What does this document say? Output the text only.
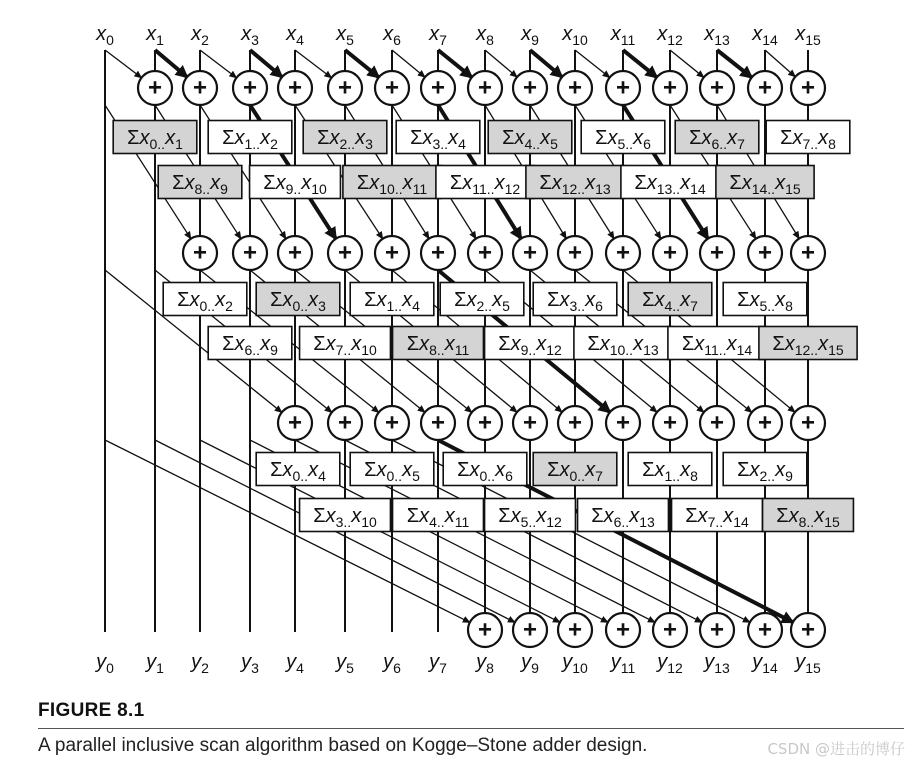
$\Sigma x_0..x_1$ $\Sigma x_1..x_2$ $\Sigma x_2..x_3$ $\Sigma x_3..x_4$ $\Sigma x_4..x_5$ $\Sigma x_5..x_6$ $\Sigma x_6..x_7$ $\Sigma x_7..x_8$
$\Sigma x_8..x_9$ $\Sigma x_9..x_{10}$ $\Sigma x_{10}..x_{11}$ $\Sigma x_{11}..x_{12}$ $\Sigma x_{12}..x_{13}$ $\Sigma x_{13}..x_{14}$ $\Sigma x_{14}..x_{15}$
$\Sigma x_0..x_2$ $\Sigma x_0..x_3$ $\Sigma x_1..x_4$ $\Sigma x_2..x_5$ $\Sigma x_3..x_6$ $\Sigma x_4..x_7$ $\Sigma x_5..x_8$
$\Sigma x_6..x_9$ $\Sigma x_7..x_{10}$ $\Sigma x_8..x_{11}$ $\Sigma x_9..x_{12}$ $\Sigma x_{10}..x_{13}$ $\Sigma x_{11}..x_{14}$ $\Sigma x_{12}..x_{15}$
$\Sigma x_0..x_4$ $\Sigma x_0..x_5$ $\Sigma x_0..x_6$ $\Sigma x_0..x_7$ $\Sigma x_1..x_8$ $\Sigma x_2..x_9$
$\Sigma x_3..x_{10}$ $\Sigma x_4..x_{11}$ $\Sigma x_5..x_{12}$ $\Sigma x_6..x_{13}$ $\Sigma x_7..x_{14}$ $\Sigma x_8..x_{15}$
+ + + + + + + + + + + + + + +
+ + + + + + + + + + + + + +
+ + + + + + + + + + + +
+ + + + + + + +
$x_0$ $x_1$ $x_2$ $x_3$ $x_4$ $x_5$ $x_6$ $x_7$ $x_8$ $x_9$ $x_{10}$ $x_{11}$ $x_{12}$ $x_{13}$ $x_{14}$ $x_{15}$
$y_0$ $y_1$ $y_2$ $y_3$ $y_4$ $y_5$ $y_6$ $y_7$ $y_8$ $y_9$ $y_{10}$ $y_{11}$ $y_{12}$ $y_{13}$ $y_{14}$ $y_{15}$
FIGURE 8.1
A parallel inclusive scan algorithm based on Kogge–Stone adder design.	CSDN @进击的博仔
